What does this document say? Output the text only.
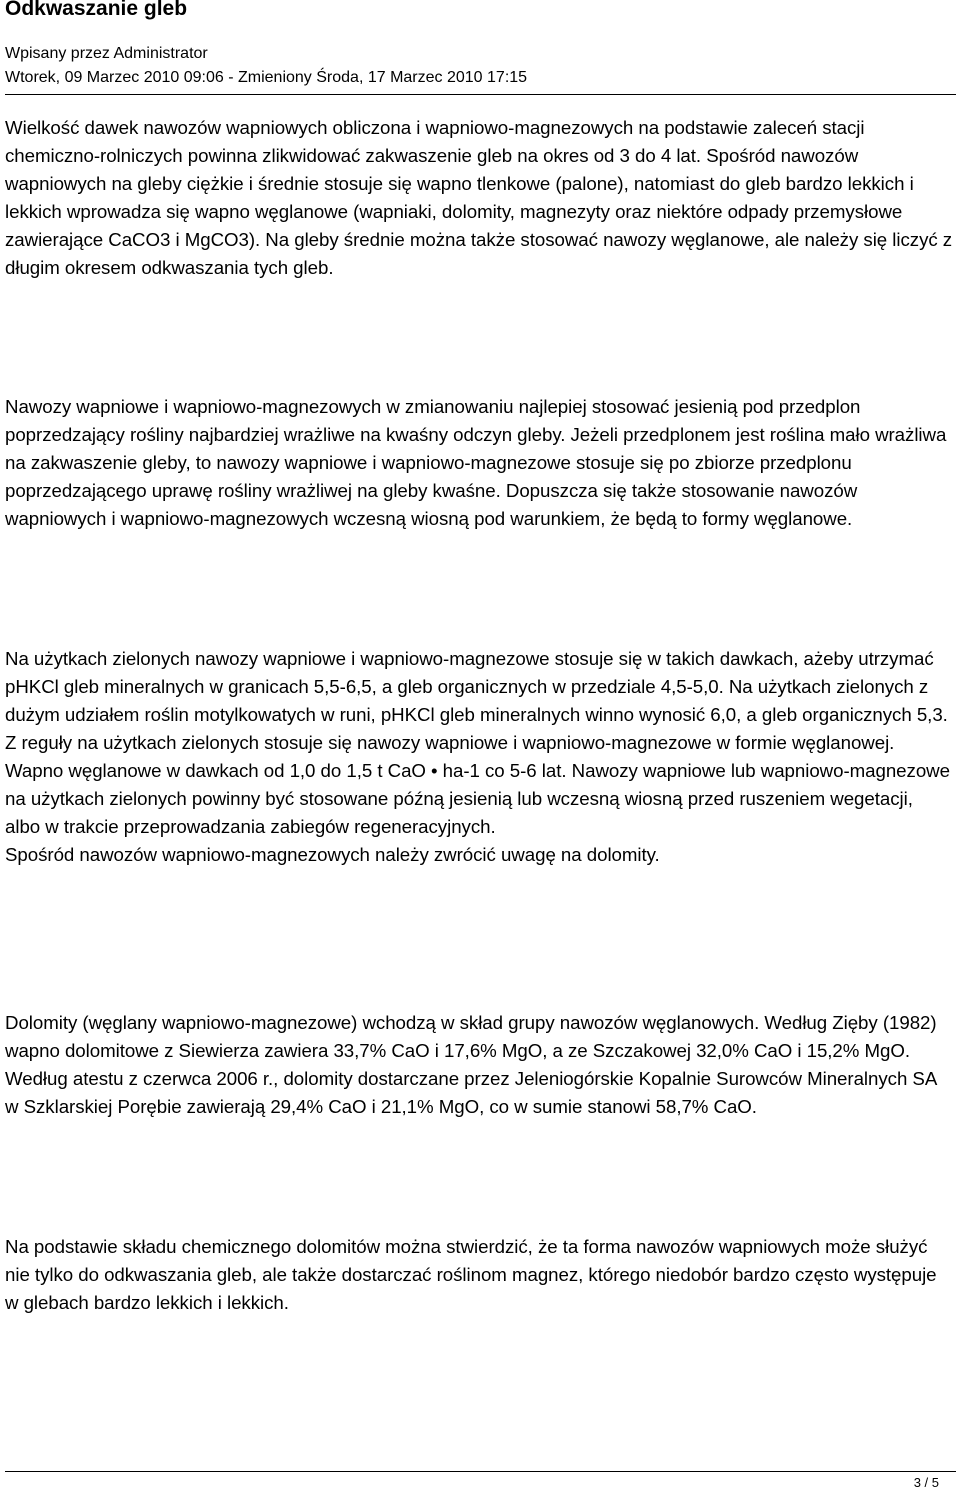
Odkwaszanie gleb
Wpisany przez Administrator
Wtorek, 09 Marzec 2010 09:06 - Zmieniony Środa, 17 Marzec 2010 17:15

Wielkość dawek nawozów wapniowych obliczona i wapniowo-magnezowych na podstawie zaleceń stacji chemiczno-rolniczych powinna zlikwidować zakwaszenie gleb na okres od 3 do 4 lat. Spośród nawozów wapniowych na gleby ciężkie i średnie stosuje się wapno tlenkowe (palone), natomiast do gleb bardzo lekkich i lekkich wprowadza się wapno węglanowe (wapniaki, dolomity, magnezyty oraz niektóre odpady przemysłowe zawierające CaCO3 i MgCO3). Na gleby średnie można także stosować nawozy węglanowe, ale należy się liczyć z długim okresem odkwaszania tych gleb.

Nawozy wapniowe i wapniowo-magnezowych w zmianowaniu najlepiej stosować jesienią pod przedplon poprzedzający rośliny najbardziej wrażliwe na kwaśny odczyn gleby. Jeżeli przedplonem jest roślina mało wrażliwa na zakwaszenie gleby, to nawozy wapniowe i wapniowo-magnezowe stosuje się po zbiorze przedplonu poprzedzającego uprawę rośliny wrażliwej na gleby kwaśne. Dopuszcza się także stosowanie nawozów wapniowych i wapniowo-magnezowych wczesną wiosną pod warunkiem, że będą to formy węglanowe.

Na użytkach zielonych nawozy wapniowe i wapniowo-magnezowe stosuje się w takich dawkach, ażeby utrzymać pHKCl gleb mineralnych w granicach 5,5-6,5, a gleb organicznych w przedziale 4,5-5,0. Na użytkach zielonych z dużym udziałem roślin motylkowatych w runi, pHKCl gleb mineralnych winno wynosić 6,0, a gleb organicznych 5,3. Z reguły na użytkach zielonych stosuje się nawozy wapniowe i wapniowo-magnezowe w formie węglanowej. Wapno węglanowe w dawkach od 1,0 do 1,5 t CaO • ha-1 co 5-6 lat. Nawozy wapniowe lub wapniowo-magnezowe na użytkach zielonych powinny być stosowane późną jesienią lub wczesną wiosną przed ruszeniem wegetacji, albo w trakcie przeprowadzania zabiegów regeneracyjnych.
Spośród nawozów wapniowo-magnezowych należy zwrócić uwagę na dolomity.

Dolomity (węglany wapniowo-magnezowe) wchodzą w skład grupy nawozów węglanowych. Według Zięby (1982) wapno dolomitowe z Siewierza zawiera 33,7% CaO i 17,6% MgO, a ze Szczakowej 32,0% CaO i 15,2% MgO. Według atestu z czerwca 2006 r., dolomity dostarczane przez Jeleniogórskie Kopalnie Surowców Mineralnych SA w Szklarskiej Porębie zawierają 29,4% CaO i 21,1% MgO, co w sumie stanowi 58,7% CaO.

Na podstawie składu chemicznego dolomitów można stwierdzić, że ta forma nawozów wapniowych może służyć nie tylko do odkwaszania gleb, ale także dostarczać roślinom magnez, którego niedobór bardzo często występuje w glebach bardzo lekkich i lekkich.

3 / 5
